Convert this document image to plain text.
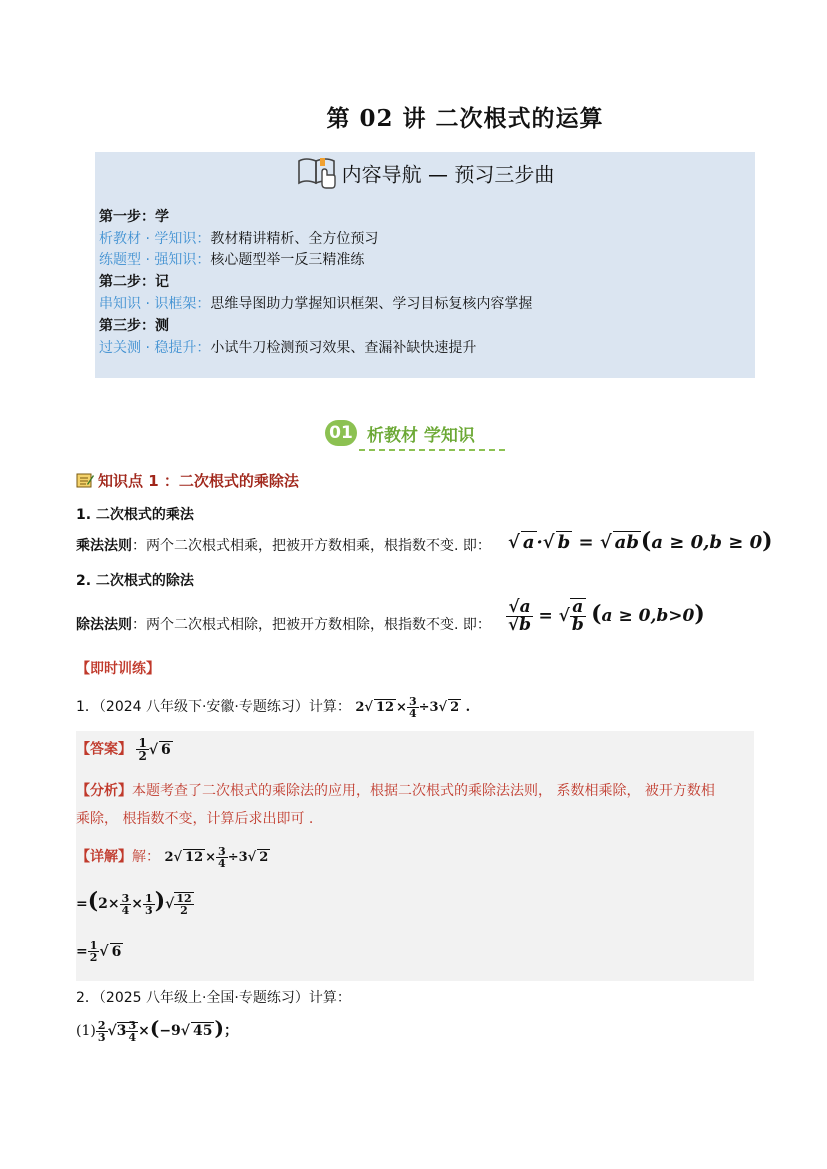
第 02 讲 二次根式的运算
内容导航 — 预习三步曲
第一步：学
析教材 · 学知识：教材精讲精析、全方位预习
练题型 · 强知识：核心题型举一反三精准练
第二步：记
串知识 · 识框架：思维导图助力掌握知识框架、学习目标复核内容掌握
第三步：测
过关测 · 稳提升：小试牛刀检测预习效果、查漏补缺快速提升
01 析教材 学知识
知识点 1 ：二次根式的乘除法
1. 二次根式的乘法
乘法法则：两个二次根式相乘，把被开方数相乘，根指数不变. 即： √ a ·√ b = √ ab(a ≥ 0,b ≥ 0)
2. 二次根式的除法
除法法则：两个二次根式相除，把被开方数相除，根指数不变. 即： $\frac{√a}{√b}$ = √ $\frac{a}{b} (a \ge 0,b>0)$
【即时训练】
1．（2024 八年级下·安徽·专题练习）计算： 2√ $12 \times \frac{3}{4} \div 3√$ 2 .
【答案】 $\frac{1}{2}$ √ 6
【分析】本题考查了二次根式的乘除法的应用，根据二次根式的乘除法法则， 系数相乘除， 被开方数相
乘除， 根指数不变，计算后求出即可 .
【详解】解： 2√ $12 \times \frac{3}{4} \div 3√$ 2
$=(2\times \frac{3}{4} \times \frac{1}{3}$ )√ $\frac{12}{2}$
= $\frac{1}{2}$ √ 6
2．（2025 八年级上·全国·专题练习）计算：
$(1) \frac{2}{3} √3 \frac{3}{4} \times(-9√$ 45 )；
